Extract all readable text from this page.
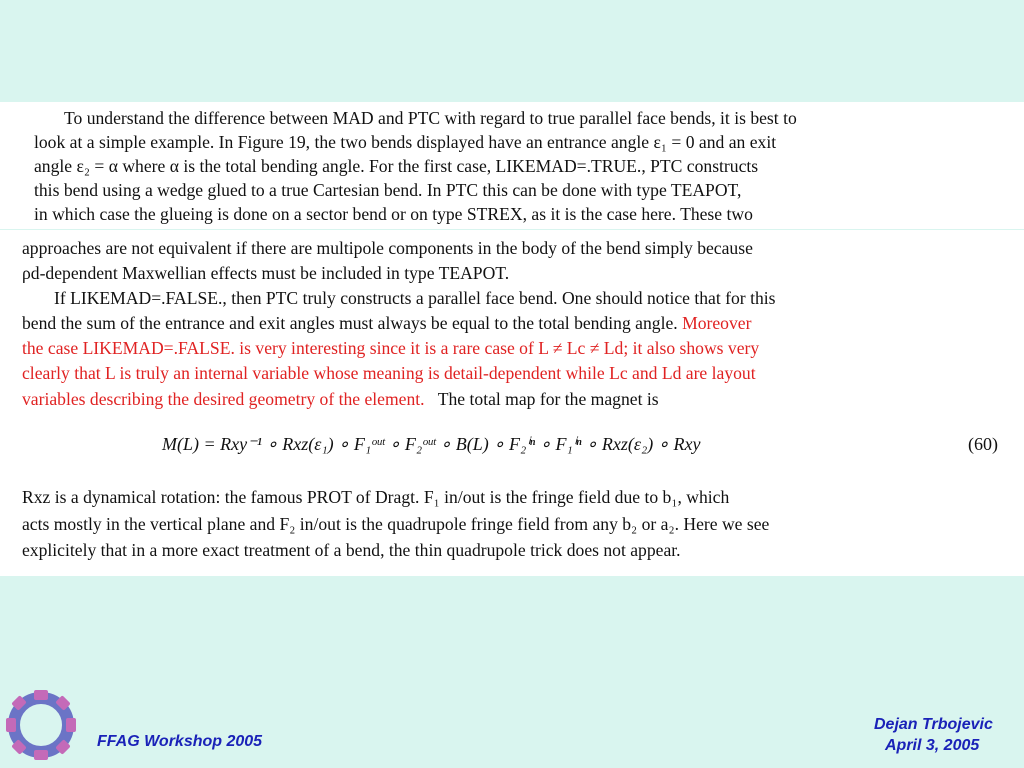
To understand the difference between MAD and PTC with regard to true parallel face bends, it is best to
look at a simple example. In Figure 19, the two bends displayed have an entrance angle ε₁ = 0 and an exit
angle ε₂ = α where α is the total bending angle. For the first case, LIKEMAD=.TRUE., PTC constructs
this bend using a wedge glued to a true Cartesian bend. In PTC this can be done with type TEAPOT,
in which case the glueing is done on a sector bend or on type STREX, as it is the case here. These two
approaches are not equivalent if there are multipole components in the body of the bend simply because
ρd-dependent Maxwellian effects must be included in type TEAPOT.
If LIKEMAD=.FALSE., then PTC truly constructs a parallel face bend. One should notice that for this
bend the sum of the entrance and exit angles must always be equal to the total bending angle. Moreover
the case LIKEMAD=.FALSE. is very interesting since it is a rare case of L ≠ Lc ≠ Ld; it also shows very
clearly that L is truly an internal variable whose meaning is detail-dependent while Lc and Ld are layout
variables describing the desired geometry of the element. The total map for the magnet is
M(L) = Rxy⁻¹ ∘ Rxz(ε₁) ∘ F₁ᵒᵘᵗ ∘ F₂ᵒᵘᵗ ∘ B(L) ∘ F₂ⁱⁿ ∘ F₁ⁱⁿ ∘ Rxz(ε₂) ∘ Rxy	(60)
Rxz is a dynamical rotation: the famous PROT of Dragt. F₁ in/out is the fringe field due to b₁, which
acts mostly in the vertical plane and F₂ in/out is the quadrupole fringe field from any b₂ or a₂. Here we see
explicitely that in a more exact treatment of a bend, the thin quadrupole trick does not appear.
FFAG Workshop 2005
Dejan Trbojevic
April 3, 2005
